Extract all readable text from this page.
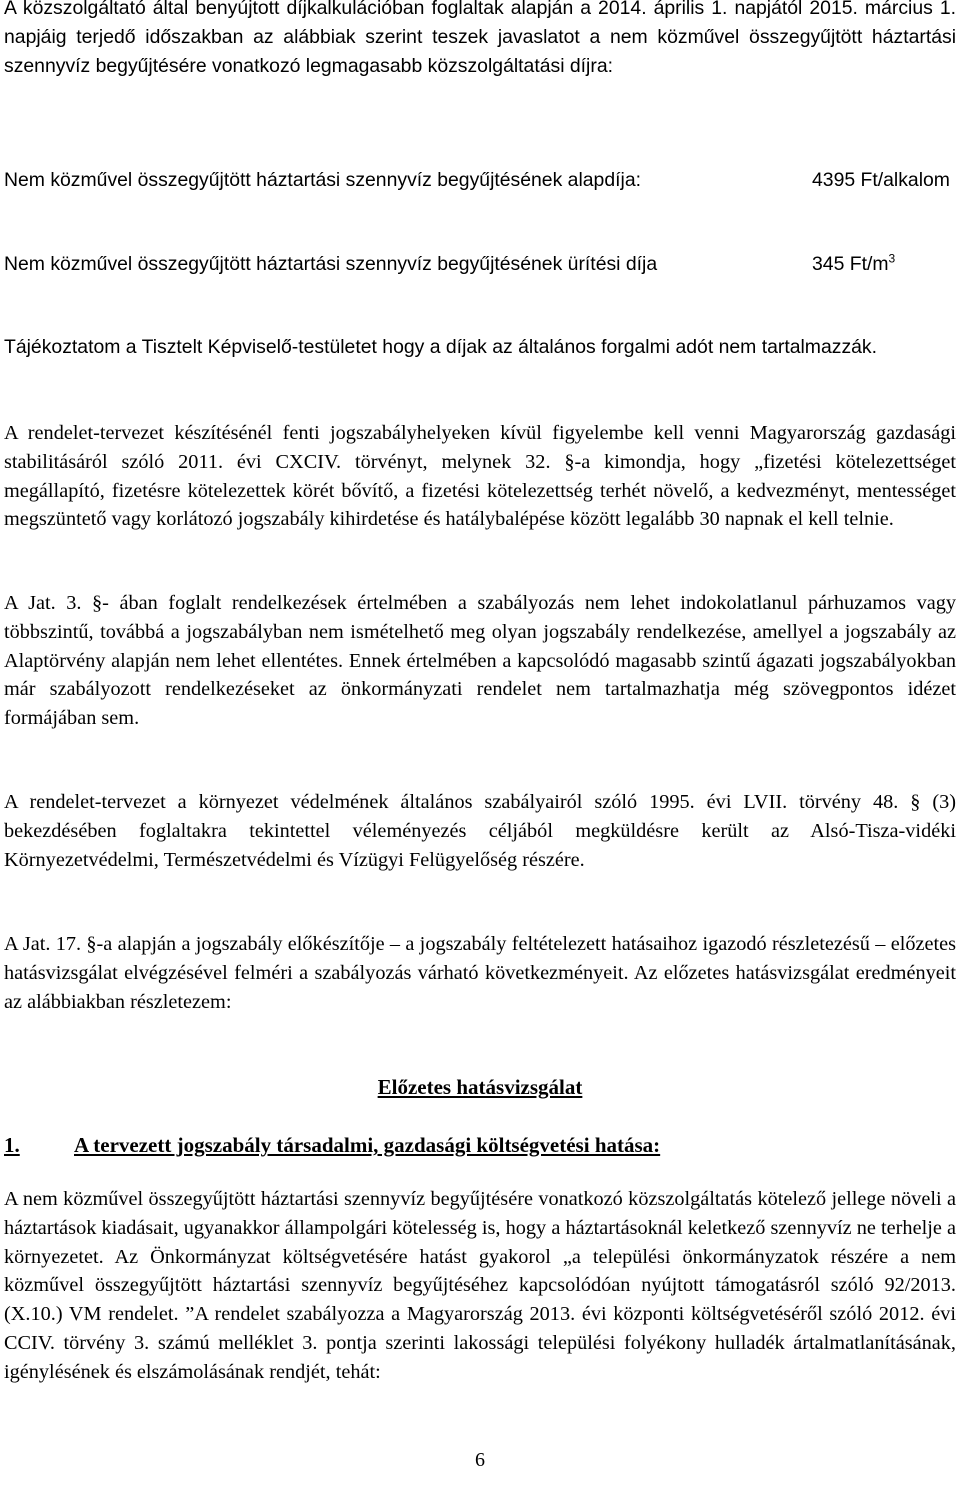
A közszolgáltató által benyújtott díjkalkulációban foglaltak alapján a 2014. április 1. napjától 2015. március 1. napjáig terjedő időszakban az alábbiak szerint teszek javaslatot a nem közművel összegyűjtött háztartási szennyvíz begyűjtésére vonatkozó legmagasabb közszolgáltatási díjra:

Nem közművel összegyűjtött háztartási szennyvíz begyűjtésének alapdíja:	4395 Ft/alkalom
Nem közművel összegyűjtött háztartási szennyvíz begyűjtésének ürítési díja	345 $Ft/m^3$

Tájékoztatom a Tisztelt Képviselő-testületet hogy a díjak az általános forgalmi adót nem tartalmazzák.

A rendelet-tervezet készítésénél fenti jogszabályhelyeken kívül figyelembe kell venni Magyarország gazdasági stabilitásáról szóló 2011. évi CXCIV. törvényt, melynek 32. §-a kimondja, hogy „fizetési kötelezettséget megállapító, fizetésre kötelezettek körét bővítő, a fizetési kötelezettség terhét növelő, a kedvezményt, mentességet megszüntető vagy korlátozó jogszabály kihirdetése és hatálybalépése között legalább 30 napnak el kell telnie.

A Jat. 3. §- ában foglalt rendelkezések értelmében a szabályozás nem lehet indokolatlanul párhuzamos vagy többszintű, továbbá a jogszabályban nem ismételhető meg olyan jogszabály rendelkezése, amellyel a jogszabály az Alaptörvény alapján nem lehet ellentétes. Ennek értelmében a kapcsolódó magasabb szintű ágazati jogszabályokban már szabályozott rendelkezéseket az önkormányzati rendelet nem tartalmazhatja még szövegpontos idézet formájában sem.

A rendelet-tervezet a környezet védelmének általános szabályairól szóló 1995. évi LVII. törvény 48. § (3) bekezdésében foglaltakra tekintettel véleményezés céljából megküldésre került az Alsó-Tisza-vidéki Környezetvédelmi, Természetvédelmi és Vízügyi Felügyelőség részére.

A Jat. 17. §-a alapján a jogszabály előkészítője – a jogszabály feltételezett hatásaihoz igazodó részletezésű – előzetes hatásvizsgálat elvégzésével felméri a szabályozás várható következményeit. Az előzetes hatásvizsgálat eredményeit az alábbiakban részletezem:

Előzetes hatásvizsgálat
1.	A tervezett jogszabály társadalmi, gazdasági költségvetési hatása:

A nem közművel összegyűjtött háztartási szennyvíz begyűjtésére vonatkozó közszolgáltatás kötelező jellege növeli a háztartások kiadásait, ugyanakkor állampolgári kötelesség is, hogy a háztartásoknál keletkező szennyvíz ne terhelje a környezetet. Az Önkormányzat költségvetésére hatást gyakorol „a települési önkormányzatok részére a nem közművel összegyűjtött háztartási szennyvíz begyűjtéséhez kapcsolódóan nyújtott támogatásról szóló 92/2013. (X.10.) VM rendelet. ”A rendelet szabályozza a Magyarország 2013. évi központi költségvetéséről szóló 2012. évi CCIV. törvény 3. számú melléklet 3. pontja szerinti lakossági települési folyékony hulladék ártalmatlanításának, igénylésének és elszámolásának rendjét, tehát:

6
